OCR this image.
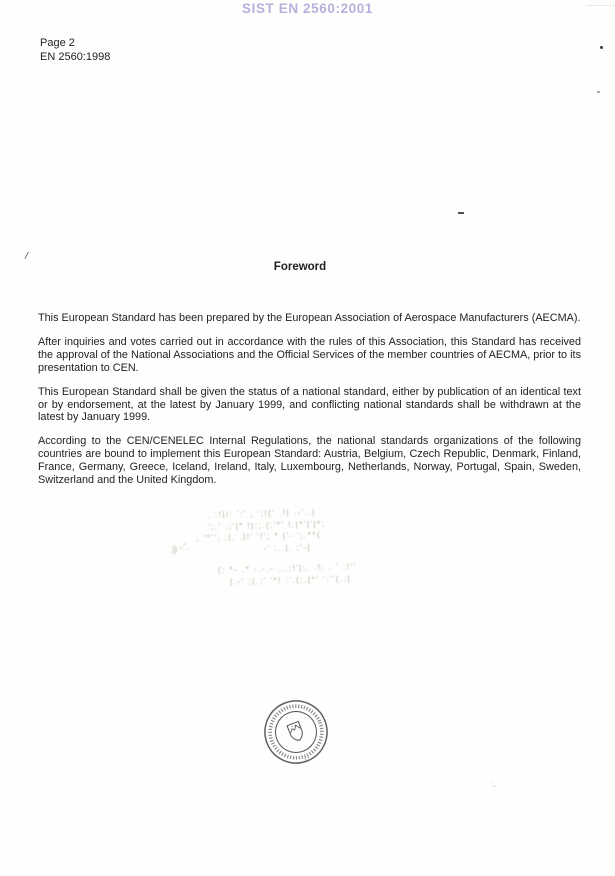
SIST EN 2560:2001	...........
Page 2
EN 2560:1998
/
:,
Foreword

This European Standard has been prepared by the European Association of Aerospace Manufacturers (AECMA).

After inquiries and votes carried out in accordance with the rules of this Association, this Standard has received the approval of the National Associations and the Official Services of the member countries of AECMA, prior to its presentation to CEN.

This European Standard shall be given the status of a national standard, either by publication of an identical text or by endorsement, at the latest by January 1999, and conflicting national standards shall be withdrawn at the latest by January 1999.

According to the CEN/CENELEC Internal Regulations, the national standards organizations of the following countries are bound to implement this European Standard: Austria, Belgium, Czech Republic, Denmark, Finland, France, Germany, Greece, Iceland, Ireland, Italy, Luxembourg, Netherlands, Norway, Portugal, Spain, Sweden, Switzerland and the United Kingdom.

. :!|i: ':' ; ';!(' .!| .-'..|
';.' .;'|* !|:;.(;'*' !.|*'|'|*;
, '*''; ;|. .|!' '!'; * |'- ';.**(
-' ;..|. ;'-|
(: *- .* -.-.- ...:!'|;. .!: . ' .!''
|.-' ;(.;' '*! :'.(;.(*' ':''(.:|
.|i -:'.
